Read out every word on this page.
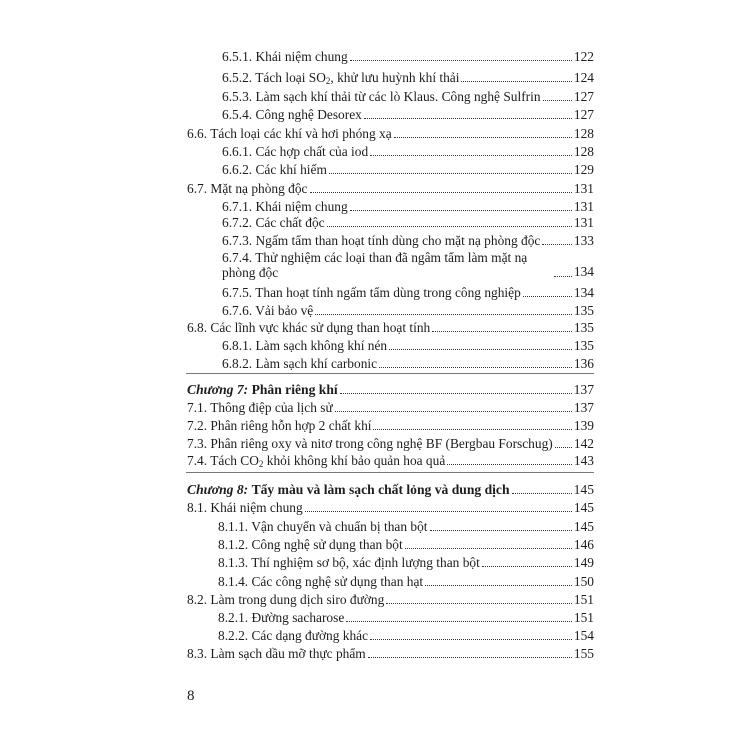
6.5.1. Khái niệm chung	122
6.5.2. Tách loại $SO_2$, khử lưu huỳnh khí thải	124
6.5.3. Làm sạch khí thải từ các lò Klaus. Công nghệ Sulfrin 127
6.5.4. Công nghệ Desorex	127
6.6. Tách loại các khí và hơi phóng xạ	128
6.6.1. Các hợp chất của iod	128
6.6.2. Các khí hiếm	129
6.7. Mặt nạ phòng độc	131
6.7.1. Khái niệm chung	131
6.7.2. Các chất độc	131
6.7.3. Ngấm tẩm than hoạt tính dùng cho mặt nạ phòng độc	133
6.7.4. Thử nghiệm các loại than đã ngâm tẩm làm mặt nạ phòng độc	134
6.7.5. Than hoạt tính ngấm tẩm dùng trong công nghiệp	134
6.7.6. Vải bảo vệ	135
6.8. Các lĩnh vực khác sử dụng than hoạt tính	135
6.8.1. Làm sạch không khí nén	135
6.8.2. Làm sạch khí carbonic	136
Chương 7: Phân riêng khí	137
7.1. Thông điệp của lịch sử	137
7.2. Phân riêng hỗn hợp 2 chất khí	139
7.3. Phân riêng oxy và nitơ trong công nghệ BF (Bergbau Forschug) 142
7.4. Tách $CO_2$ khỏi không khí bảo quản hoa quả	143
Chương 8: Tẩy màu và làm sạch chất lỏng và dung dịch	145
8.1. Khái niệm chung	145
8.1.1. Vận chuyển và chuẩn bị than bột	145
8.1.2. Công nghệ sử dụng than bột	146
8.1.3. Thí nghiệm sơ bộ, xác định lượng than bột	149
8.1.4. Các công nghệ sử dụng than hạt	150
8.2. Làm trong dung dịch siro đường	151
8.2.1. Đường sacharose	151
8.2.2. Các dạng đường khác	154
8.3. Làm sạch dầu mỡ thực phẩm	155
8
